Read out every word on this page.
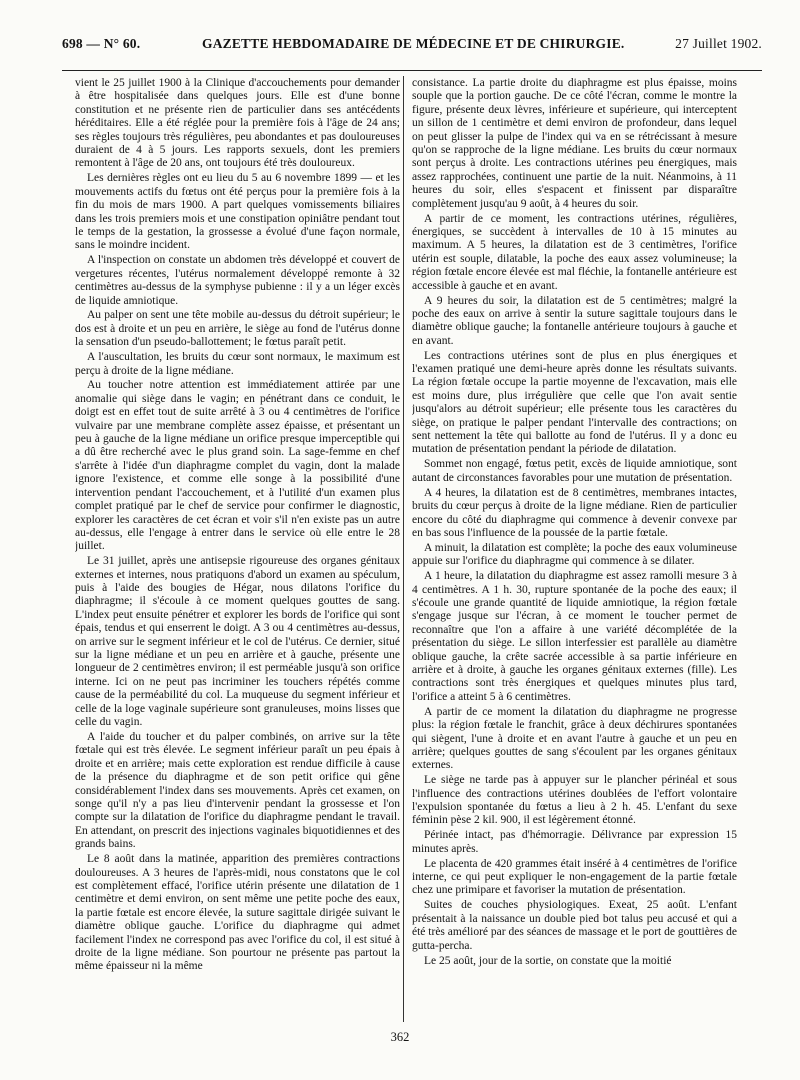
698 — N° 60.	GAZETTE HEBDOMADAIRE DE MÉDECINE ET DE CHIRURGIE.	27 Juillet 1902.

vient le 25 juillet 1900 à la Clinique d'accouchements pour demander à être hospitalisée dans quelques jours. Elle est d'une bonne constitution et ne présente rien de particulier dans ses antécédents héréditaires. Elle a été réglée pour la première fois à l'âge de 24 ans; ses règles toujours très régulières, peu abondantes et pas douloureuses duraient de 4 à 5 jours. Les rapports sexuels, dont les premiers remontent à l'âge de 20 ans, ont toujours été très douloureux.

Les dernières règles ont eu lieu du 5 au 6 novembre 1899 — et les mouvements actifs du fœtus ont été perçus pour la première fois à la fin du mois de mars 1900. A part quelques vomissements biliaires dans les trois premiers mois et une constipation opiniâtre pendant tout le temps de la gestation, la grossesse a évolué d'une façon normale, sans le moindre incident.

A l'inspection on constate un abdomen très développé et couvert de vergetures récentes, l'utérus normalement développé remonte à 32 centimètres au-dessus de la symphyse pubienne : il y a un léger excès de liquide amniotique.

Au palper on sent une tête mobile au-dessus du détroit supérieur; le dos est à droite et un peu en arrière, le siège au fond de l'utérus donne la sensation d'un pseudo-ballottement; le fœtus paraît petit.

A l'auscultation, les bruits du cœur sont normaux, le maximum est perçu à droite de la ligne médiane.

Au toucher notre attention est immédiatement attirée par une anomalie qui siège dans le vagin; en pénétrant dans ce conduit, le doigt est en effet tout de suite arrêté à 3 ou 4 centimètres de l'orifice vulvaire par une membrane complète assez épaisse, et présentant un peu à gauche de la ligne médiane un orifice presque imperceptible qui a dû être recherché avec le plus grand soin. La sage-femme en chef s'arrête à l'idée d'un diaphragme complet du vagin, dont la malade ignore l'existence, et comme elle songe à la possibilité d'une intervention pendant l'accouchement, et à l'utilité d'un examen plus complet pratiqué par le chef de service pour confirmer le diagnostic, explorer les caractères de cet écran et voir s'il n'en existe pas un autre au-dessus, elle l'engage à entrer dans le service où elle entre le 28 juillet.

Le 31 juillet, après une antisepsie rigoureuse des organes génitaux externes et internes, nous pratiquons d'abord un examen au spéculum, puis à l'aide des bougies de Hégar, nous dilatons l'orifice du diaphragme; il s'écoule à ce moment quelques gouttes de sang. L'index peut ensuite pénétrer et explorer les bords de l'orifice qui sont épais, tendus et qui enserrent le doigt. A 3 ou 4 centimètres au-dessus, on arrive sur le segment inférieur et le col de l'utérus. Ce dernier, situé sur la ligne médiane et un peu en arrière et à gauche, présente une longueur de 2 centimètres environ; il est perméable jusqu'à son orifice interne. Ici on ne peut pas incriminer les touchers répétés comme cause de la perméabilité du col. La muqueuse du segment inférieur et celle de la loge vaginale supérieure sont granuleuses, moins lisses que celle du vagin.

A l'aide du toucher et du palper combinés, on arrive sur la tête fœtale qui est très élevée. Le segment inférieur paraît un peu épais à droite et en arrière; mais cette exploration est rendue difficile à cause de la présence du diaphragme et de son petit orifice qui gêne considérablement l'index dans ses mouvements. Après cet examen, on songe qu'il n'y a pas lieu d'intervenir pendant la grossesse et l'on compte sur la dilatation de l'orifice du diaphragme pendant le travail. En attendant, on prescrit des injections vaginales biquotidiennes et des grands bains.

Le 8 août dans la matinée, apparition des premières contractions douloureuses. A 3 heures de l'après-midi, nous constatons que le col est complètement effacé, l'orifice utérin présente une dilatation de 1 centimètre et demi environ, on sent même une petite poche des eaux, la partie fœtale est encore élevée, la suture sagittale dirigée suivant le diamètre oblique gauche. L'orifice du diaphragme qui admet facilement l'index ne correspond pas avec l'orifice du col, il est situé à droite de la ligne médiane. Son pourtour ne présente pas partout la même épaisseur ni la même

consistance. La partie droite du diaphragme est plus épaisse, moins souple que la portion gauche. De ce côté l'écran, comme le montre la figure, présente deux lèvres, inférieure et supérieure, qui interceptent un sillon de 1 centimètre et demi environ de profondeur, dans lequel on peut glisser la pulpe de l'index qui va en se rétrécissant à mesure qu'on se rapproche de la ligne médiane. Les bruits du cœur normaux sont perçus à droite. Les contractions utérines peu énergiques, mais assez rapprochées, continuent une partie de la nuit. Néanmoins, à 11 heures du soir, elles s'espacent et finissent par disparaître complètement jusqu'au 9 août, à 4 heures du soir.

A partir de ce moment, les contractions utérines, régulières, énergiques, se succèdent à intervalles de 10 à 15 minutes au maximum. A 5 heures, la dilatation est de 3 centimètres, l'orifice utérin est souple, dilatable, la poche des eaux assez volumineuse; la région fœtale encore élevée est mal fléchie, la fontanelle antérieure est accessible à gauche et en avant.

A 9 heures du soir, la dilatation est de 5 centimètres; malgré la poche des eaux on arrive à sentir la suture sagittale toujours dans le diamètre oblique gauche; la fontanelle antérieure toujours à gauche et en avant.

Les contractions utérines sont de plus en plus énergiques et l'examen pratiqué une demi-heure après donne les résultats suivants. La région fœtale occupe la partie moyenne de l'excavation, mais elle est moins dure, plus irrégulière que celle que l'on avait sentie jusqu'alors au détroit supérieur; elle présente tous les caractères du siège, on pratique le palper pendant l'intervalle des contractions; on sent nettement la tête qui ballotte au fond de l'utérus. Il y a donc eu mutation de présentation pendant la période de dilatation.

Sommet non engagé, fœtus petit, excès de liquide amniotique, sont autant de circonstances favorables pour une mutation de présentation.

A 4 heures, la dilatation est de 8 centimètres, membranes intactes, bruits du cœur perçus à droite de la ligne médiane. Rien de particulier encore du côté du diaphragme qui commence à devenir convexe par en bas sous l'influence de la poussée de la partie fœtale.

A minuit, la dilatation est complète; la poche des eaux volumineuse appuie sur l'orifice du diaphragme qui commence à se dilater.

A 1 heure, la dilatation du diaphragme est assez ramolli mesure 3 à 4 centimètres. A 1 h. 30, rupture spontanée de la poche des eaux; il s'écoule une grande quantité de liquide amniotique, la région fœtale s'engage jusque sur l'écran, à ce moment le toucher permet de reconnaître que l'on a affaire à une variété décomplétée de la présentation du siège. Le sillon interfessier est parallèle au diamètre oblique gauche, la crête sacrée accessible à sa partie inférieure en arrière et à droite, à gauche les organes génitaux externes (fille). Les contractions sont très énergiques et quelques minutes plus tard, l'orifice a atteint 5 à 6 centimètres.

A partir de ce moment la dilatation du diaphragme ne progresse plus: la région fœtale le franchit, grâce à deux déchirures spontanées qui siègent, l'une à droite et en avant l'autre à gauche et un peu en arrière; quelques gouttes de sang s'écoulent par les organes génitaux externes.

Le siège ne tarde pas à appuyer sur le plancher périnéal et sous l'influence des contractions utérines doublées de l'effort volontaire l'expulsion spontanée du fœtus a lieu à 2 h. 45. L'enfant du sexe féminin pèse 2 kil. 900, il est légèrement étonné.

Périnée intact, pas d'hémorragie. Délivrance par expression 15 minutes après.

Le placenta de 420 grammes était inséré à 4 centimètres de l'orifice interne, ce qui peut expliquer le non-engagement de la partie fœtale chez une primipare et favoriser la mutation de présentation.

Suites de couches physiologiques. Exeat, 25 août. L'enfant présentait à la naissance un double pied bot talus peu accusé et qui a été très amélioré par des séances de massage et le port de gouttières de gutta-percha.

Le 25 août, jour de la sortie, on constate que la moitié

362
